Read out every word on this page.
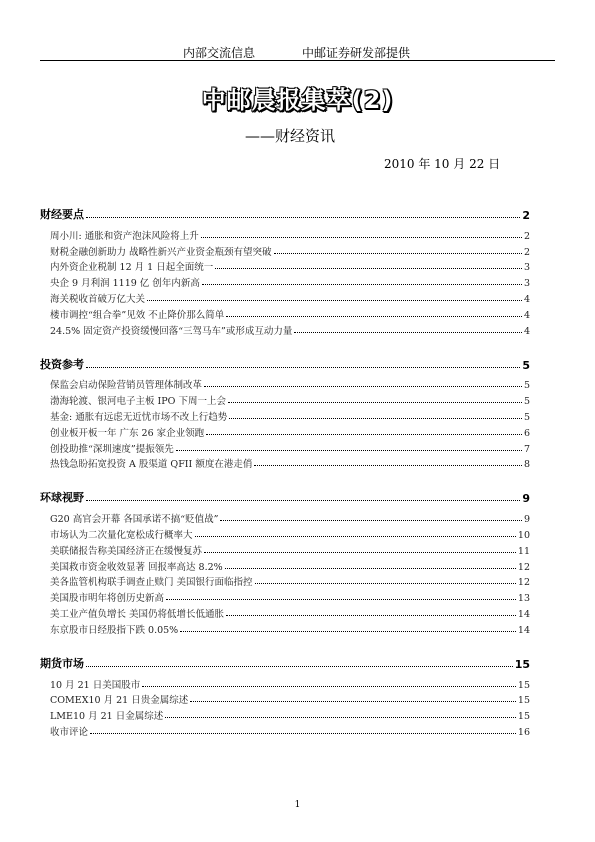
内部交流信息	中邮证券研发部提供
中邮晨报集萃(2)
——财经资讯
2010 年 10 月 22 日
财经要点	2
周小川: 通胀和资产泡沫风险将上升	2
财税金融创新助力 战略性新兴产业资金瓶颈有望突破	2
内外资企业税制 12 月 1 日起全面统一	3
央企 9 月利润 1119 亿 创年内新高	3
海关税收首破万亿大关	4
楼市调控“组合拳”见效 不止降价那么简单	4
24.5% 固定资产投资缓慢回落“三驾马车”或形成互动力量	4
投资参考	5
保监会启动保险营销员管理体制改革	5
渤海轮渡、银河电子主板 IPO 下周一上会	5
基金: 通胀有远虑无近忧市场不改上行趋势	5
创业板开板一年 广东 26 家企业领跑	6
创投助推“深圳速度”提振领先	7
热钱急盼拓宽投资 A 股渠道 QFII 额度在港走俏	8
环球视野	9
G20 高官会开幕 各国承诺不搞“贬值战”	9
市场认为二次量化宽松成行概率大	10
美联储报告称美国经济正在缓慢复苏	11
美国救市资金收效显著 回报率高达 8.2%	12
美各监管机构联手调查止赎门 美国银行面临指控	12
美国股市明年将创历史新高	13
美工业产值负增长 美国仍将低增长低通胀	14
东京股市日经股指下跌 0.05%	14
期货市场	15
10 月 21 日美国股市	15
COMEX10 月 21 日贵金属综述	15
LME10 月 21 日金属综述	15
收市评论	16
1
